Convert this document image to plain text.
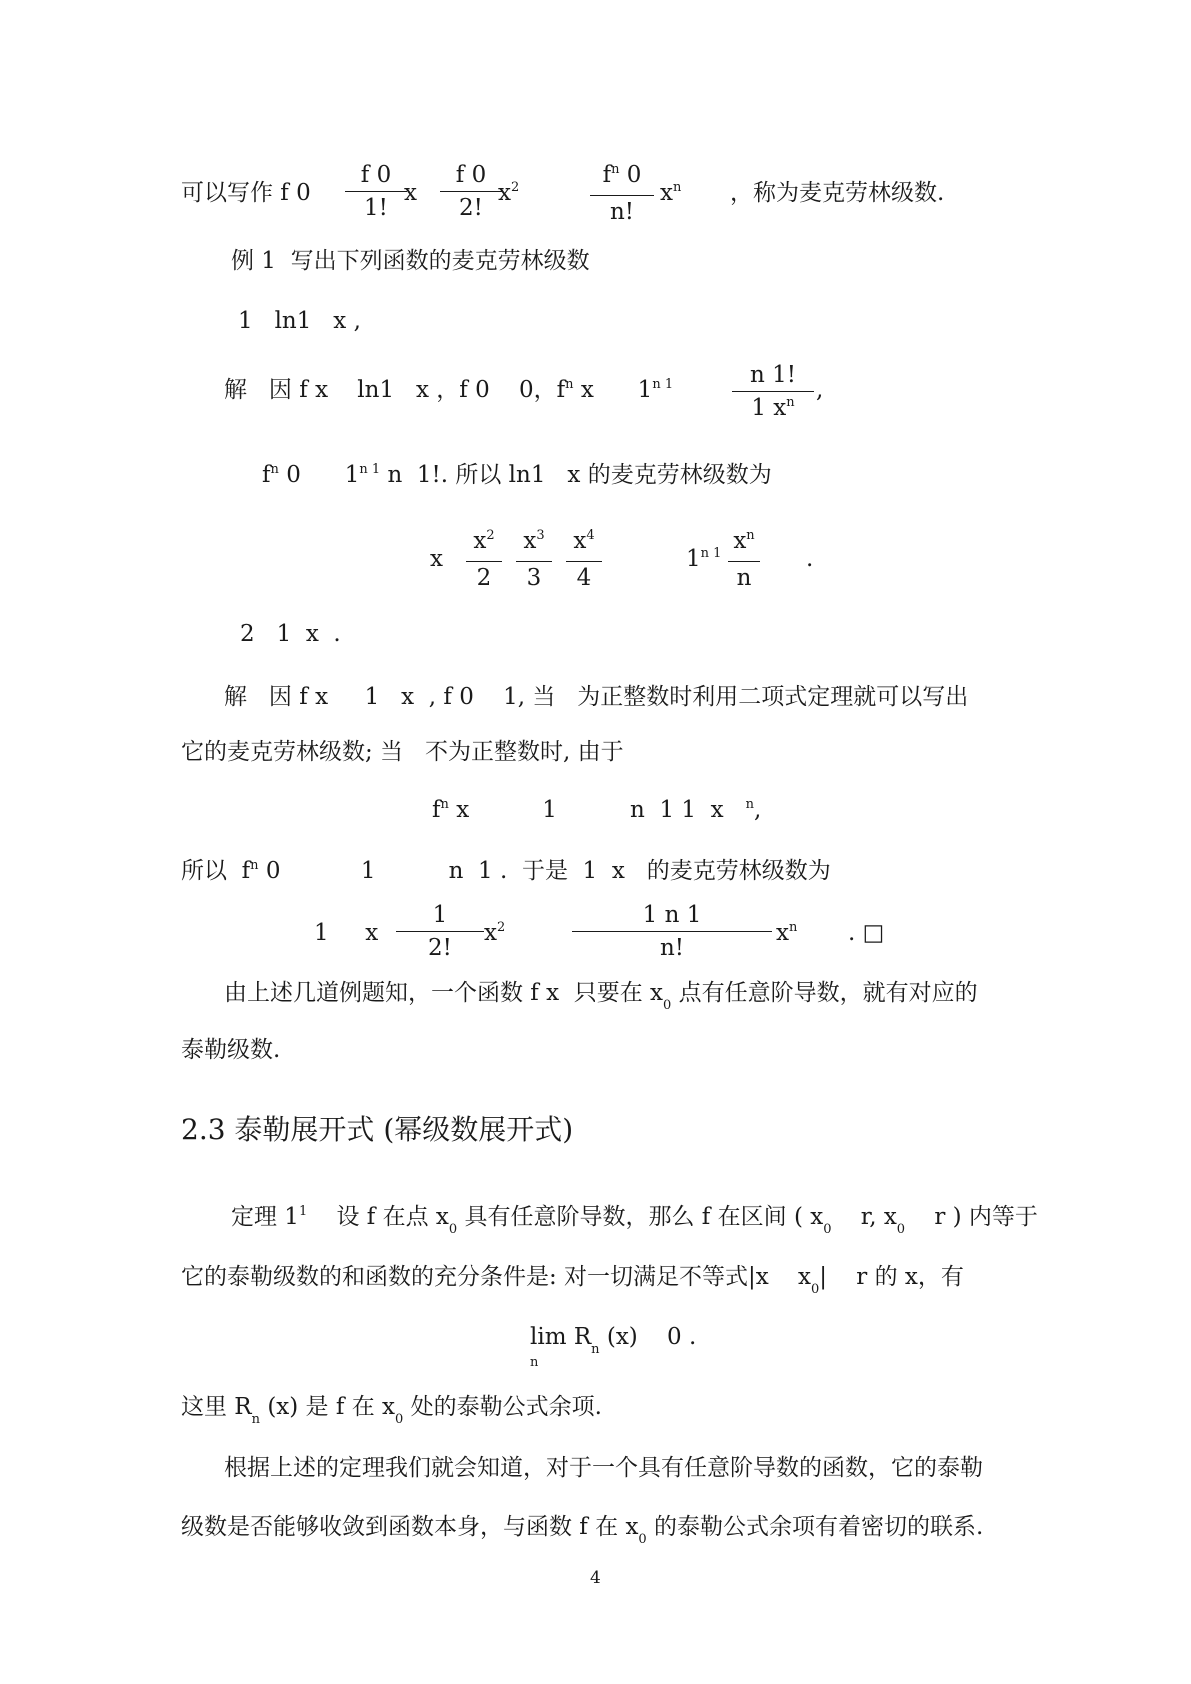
可以写作 f 0
f 0
1!
x
f 0
2!
$x^2$	$f^n$ 0
n!
$x^n$ ，称为麦克劳林级数.
例 1  写出下列函数的麦克劳林级数
1   ln1   x ,
解   因 f x    ln1   x ，f 0    0，$f^n$ x      $1^{n 1}$	n 1!
1 $x^n$ ,
$f^n$ 0      $1^{n 1}$ n  1!. 所以 ln1   x 的麦克劳林级数为
x
$x^2$
2
$x^3$
3
$x^4$
4
$1^{n 1}$ $x^n$
n
.
2   1  x  .
解   因 f x     1   x  , f 0    1, 当   为正整数时利用二项式定理就可以写出
它的麦克劳林级数; 当   不为正整数时, 由于
$f^n$ x          1          n  1 1  x   $^n$,
所以  $f^n$ 0           1          n  1 .  于是  1  x   的麦克劳林级数为
1     x
1
2!
$x^2$	1 n 1
n!
$x^n$ . □
由上述几道例题知，一个函数 f x  只要在 $x_0$ 点有任意阶导数，就有对应的
泰勒级数.
2.3 泰勒展开式 (幂级数展开式)
定理 $1^1$    设 f 在点 $x_0$ 具有任意阶导数，那么 f 在区间 ( $x_0$    r, $x_0$    r ) 内等于
它的泰勒级数的和函数的充分条件是: 对一切满足不等式|x    $x_0|$    r 的 x，有
$\lim R_n$ (x)    0 .
n
这里 $R_n$ (x) 是 f 在 $x_0$ 处的泰勒公式余项.
根据上述的定理我们就会知道，对于一个具有任意阶导数的函数，它的泰勒
级数是否能够收敛到函数本身，与函数 f 在 $x_0$ 的泰勒公式余项有着密切的联系.
4
